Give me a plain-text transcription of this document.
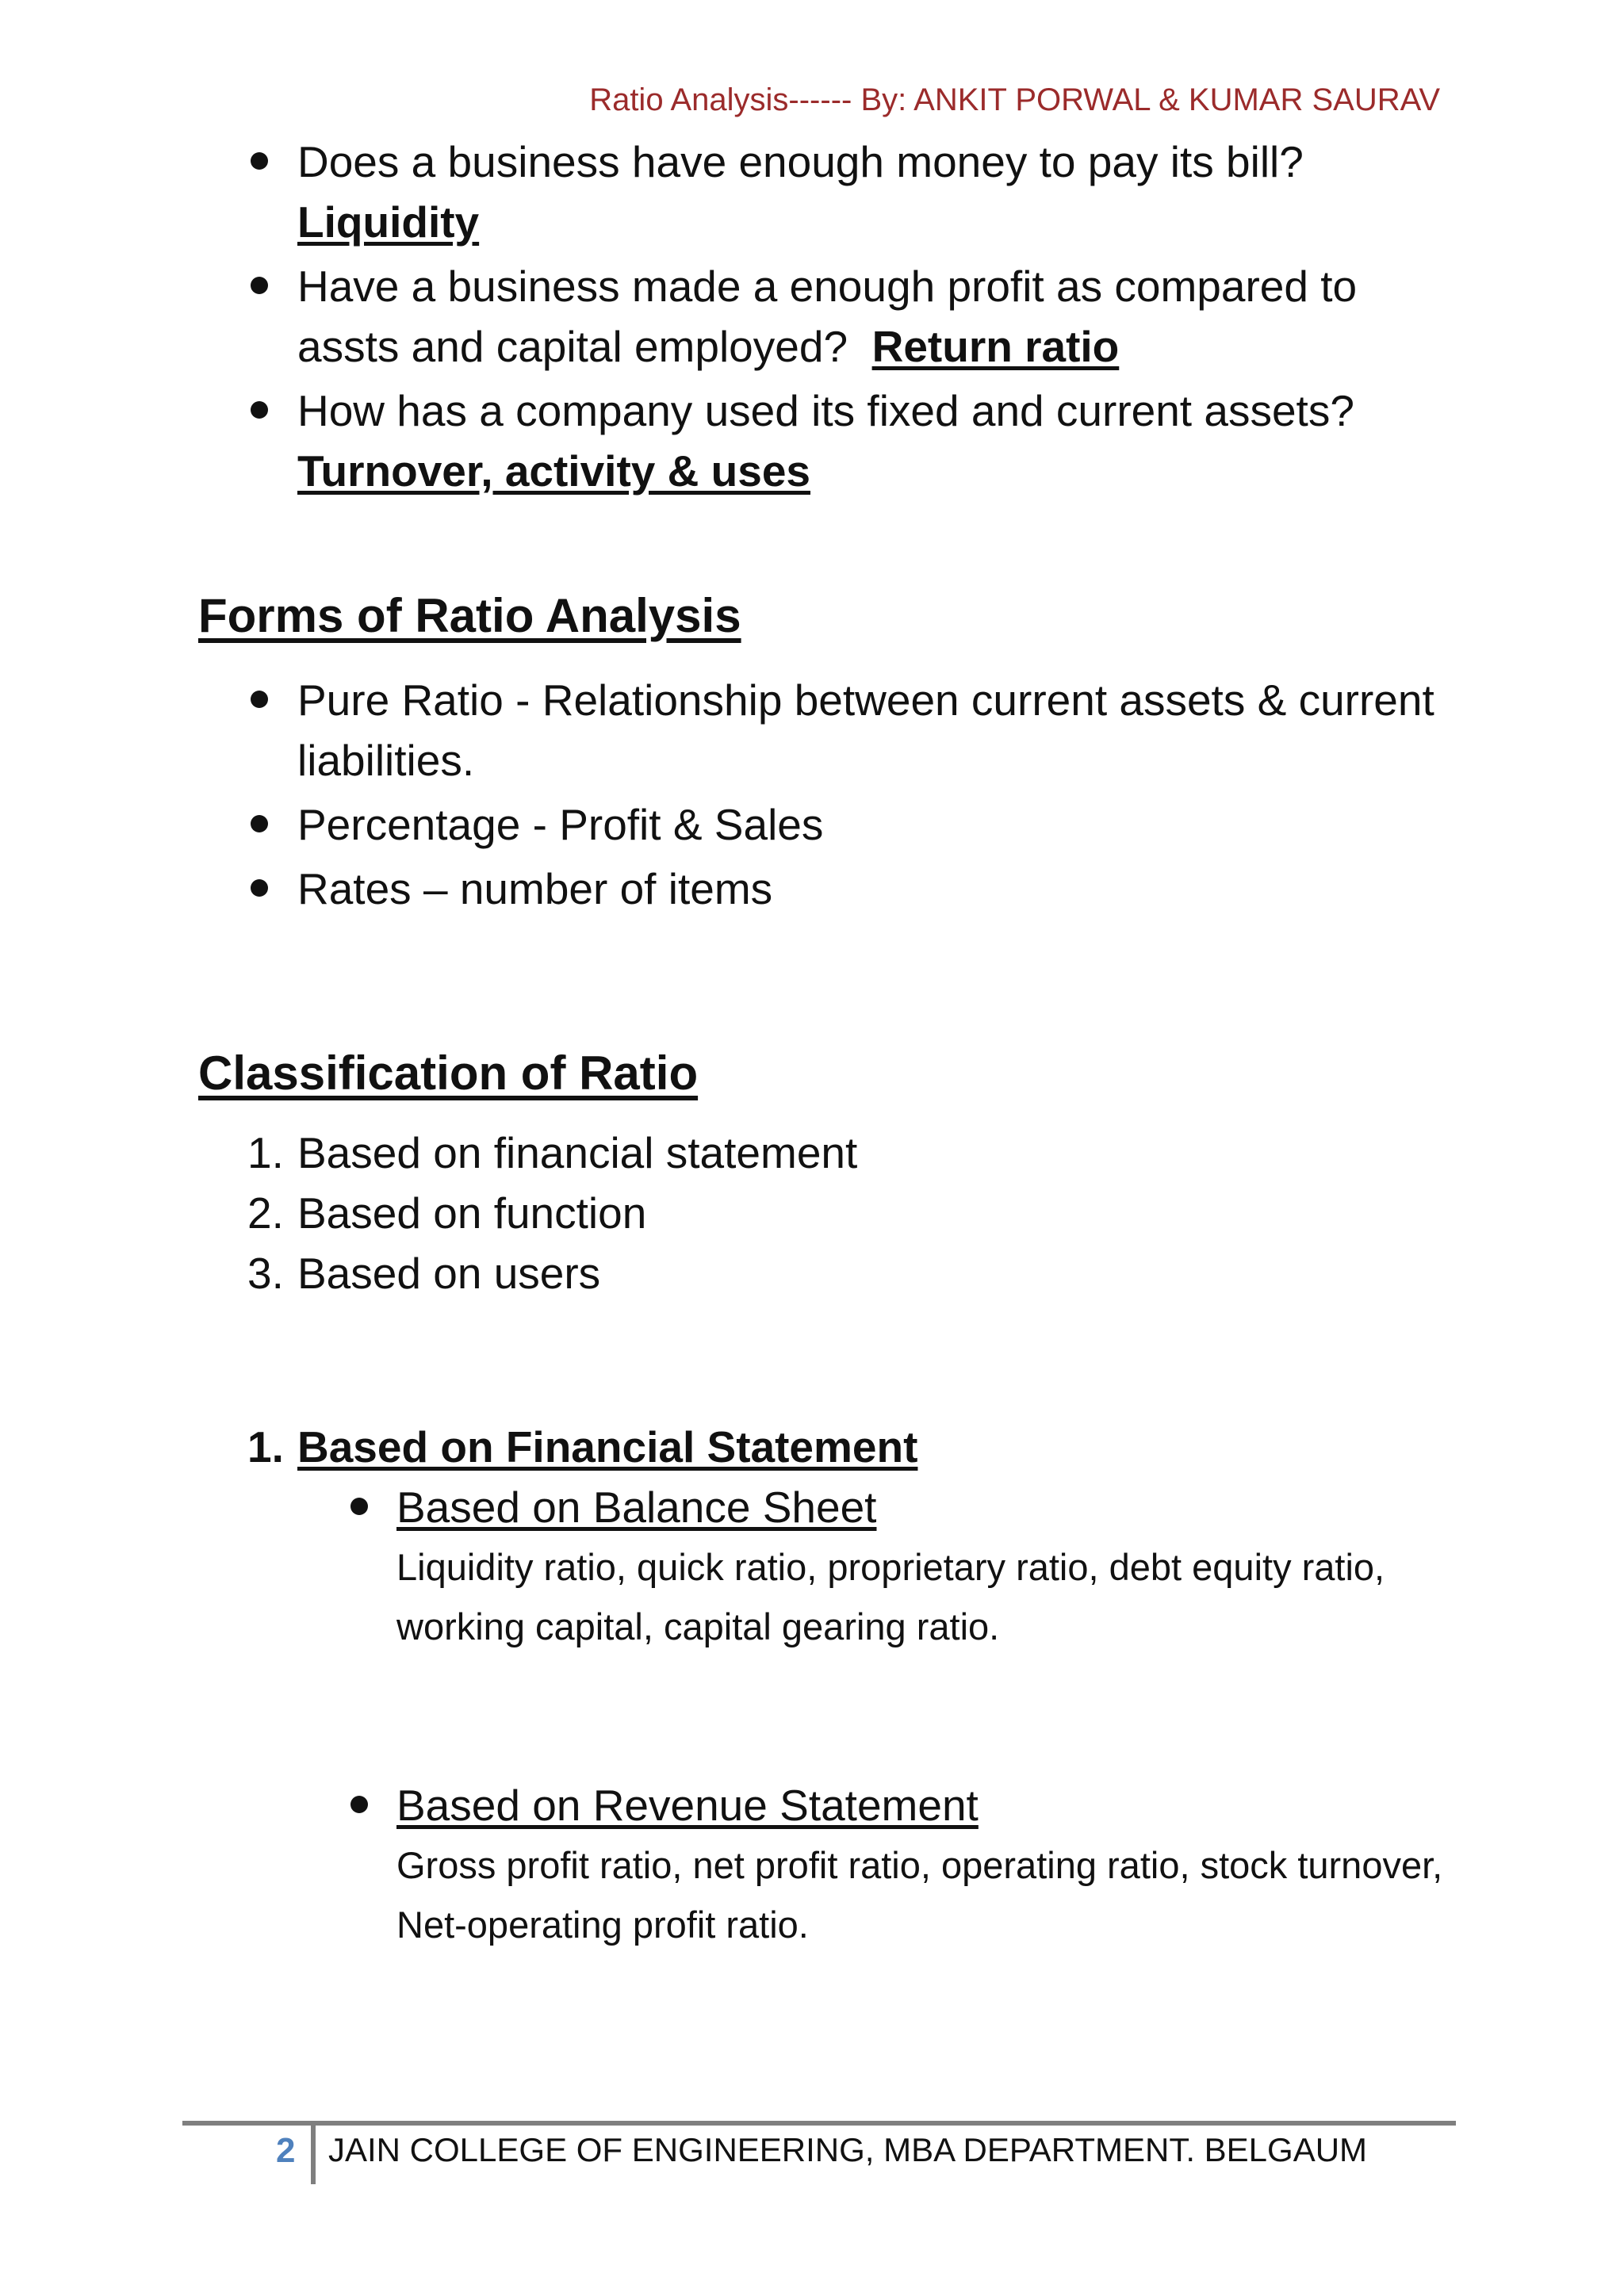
Ratio Analysis------ By: ANKIT PORWAL & KUMAR SAURAV
Does a business have enough money to pay its bill?
Liquidity
Have a business made a enough profit as compared to assts and capital employed? Return ratio
How has a company used its fixed and current assets?
Turnover, activity & uses
Forms of Ratio Analysis
Pure Ratio - Relationship between current assets & current liabilities.
Percentage - Profit & Sales
Rates – number of items
Classification of Ratio
1. Based on financial statement
2. Based on function
3. Based on users
1. Based on Financial Statement
Based on Balance Sheet
Liquidity ratio, quick ratio, proprietary ratio, debt equity ratio, working capital, capital gearing ratio.
Based on Revenue Statement
Gross profit ratio, net profit ratio, operating ratio, stock turnover, Net-operating profit ratio.
2 JAIN COLLEGE OF ENGINEERING, MBA DEPARTMENT. BELGAUM
